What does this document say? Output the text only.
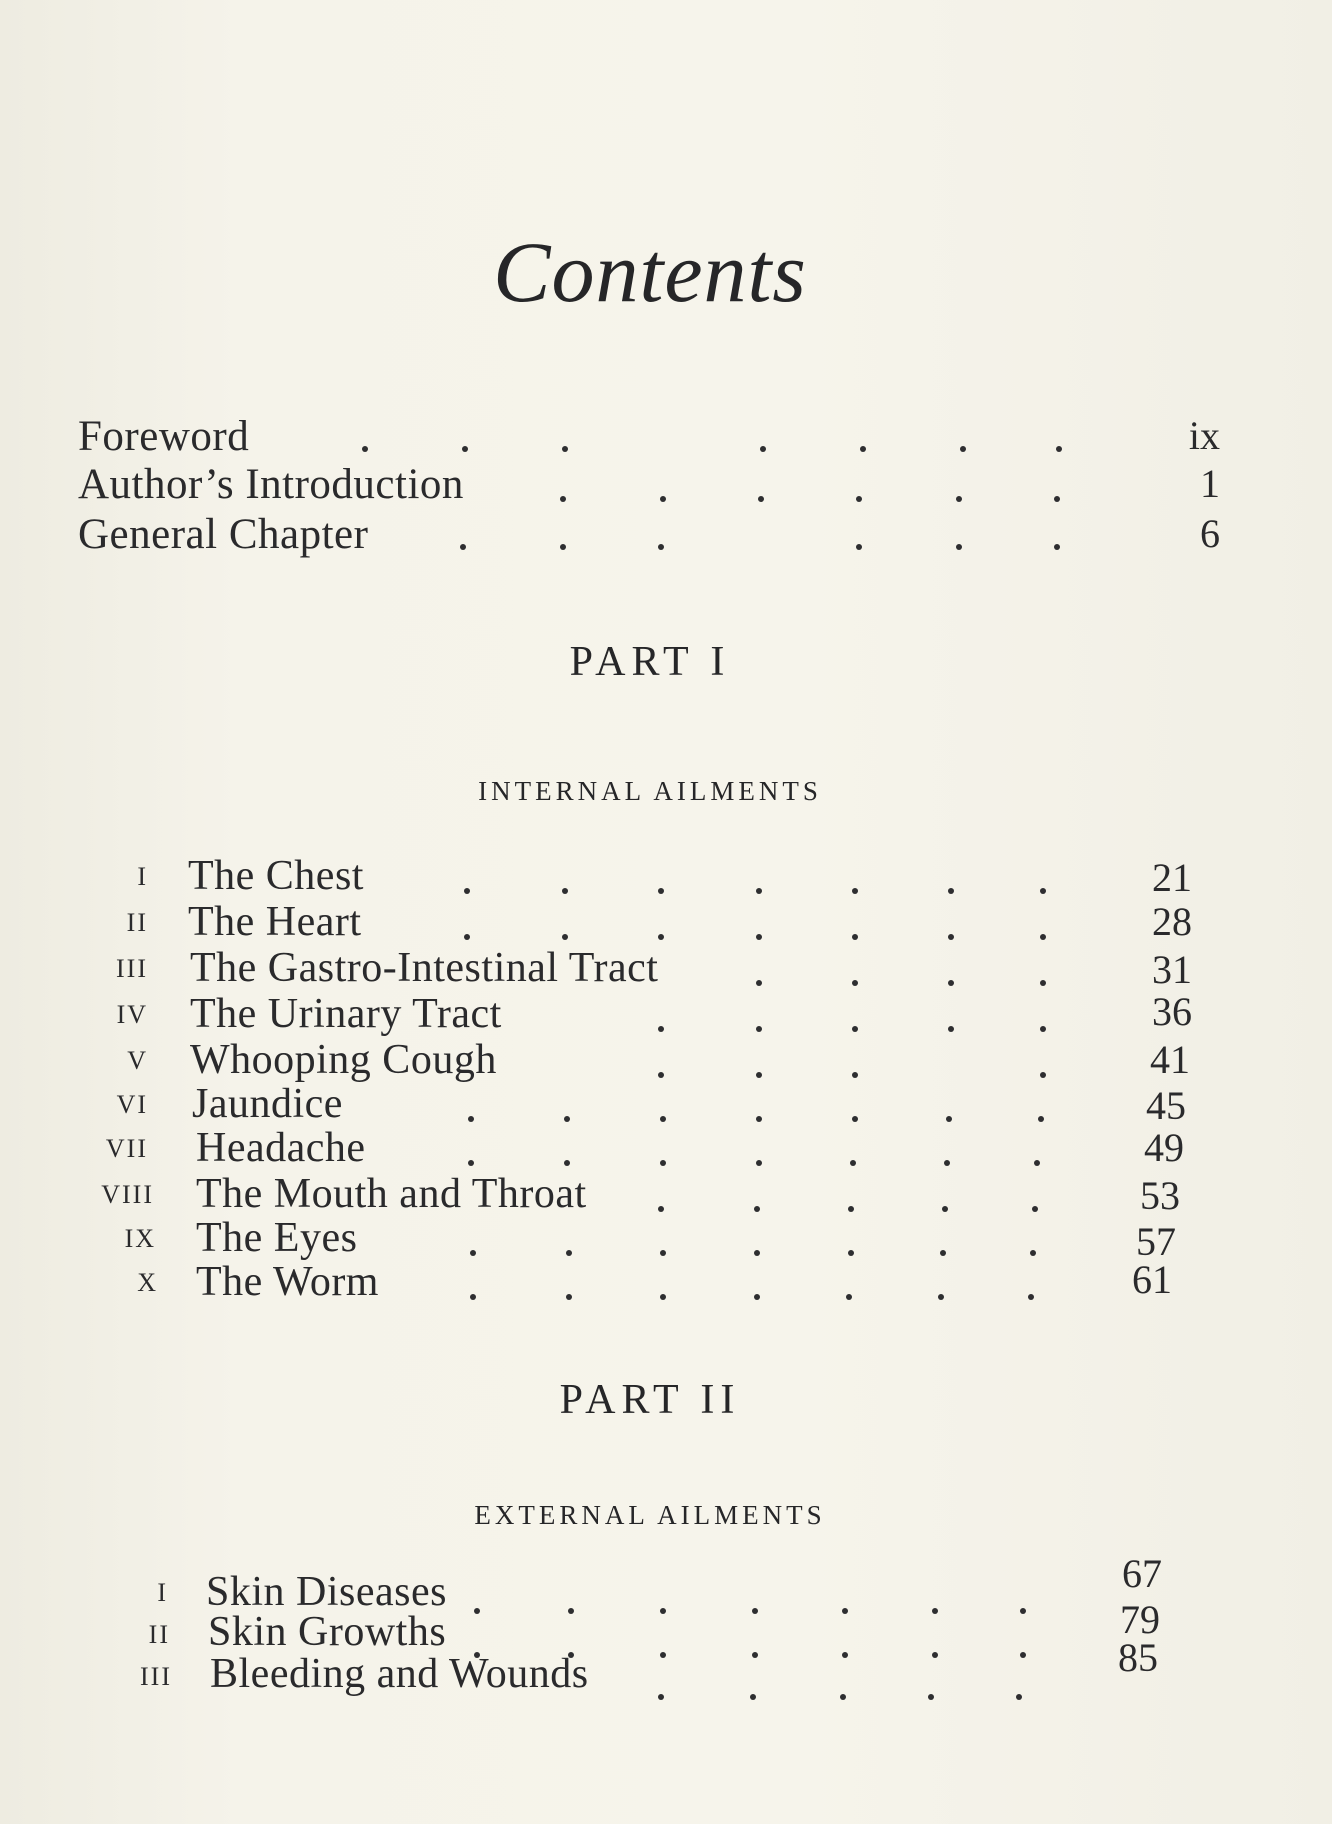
Contents
Foreword	ix
Author’s Introduction	1
General Chapter	6
PART I
INTERNAL AILMENTS
I The Chest	21
II The Heart	28
III The Gastro-Intestinal Tract	31
IV The Urinary Tract	36
V Whooping Cough	41
VI Jaundice	45
VII Headache	49
VIII The Mouth and Throat	53
IX The Eyes	57
X The Worm	61
PART II
EXTERNAL AILMENTS
I Skin Diseases	67
II Skin Growths	79
III Bleeding and Wounds	85
